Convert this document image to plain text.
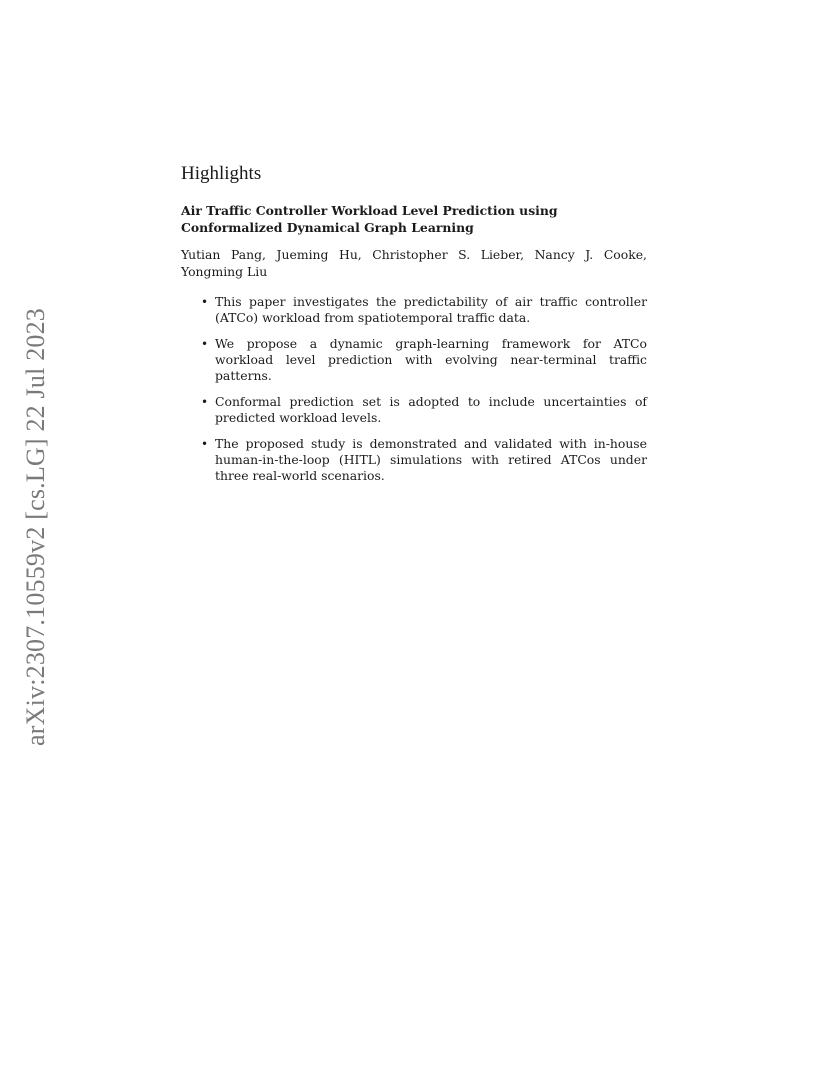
arXiv:2307.10559v2 [cs.LG] 22 Jul 2023
Highlights
Air Traffic Controller Workload Level Prediction using Conformalized Dynamical Graph Learning
Yutian Pang, Jueming Hu, Christopher S. Lieber, Nancy J. Cooke, Yongming Liu
• This paper investigates the predictability of air traffic controller (ATCo) workload from spatiotemporal traffic data.
• We propose a dynamic graph-learning framework for ATCo workload level prediction with evolving near-terminal traffic patterns.
• Conformal prediction set is adopted to include uncertainties of predicted workload levels.
• The proposed study is demonstrated and validated with in-house human-in-the-loop (HITL) simulations with retired ATCos under three real-world scenarios.
